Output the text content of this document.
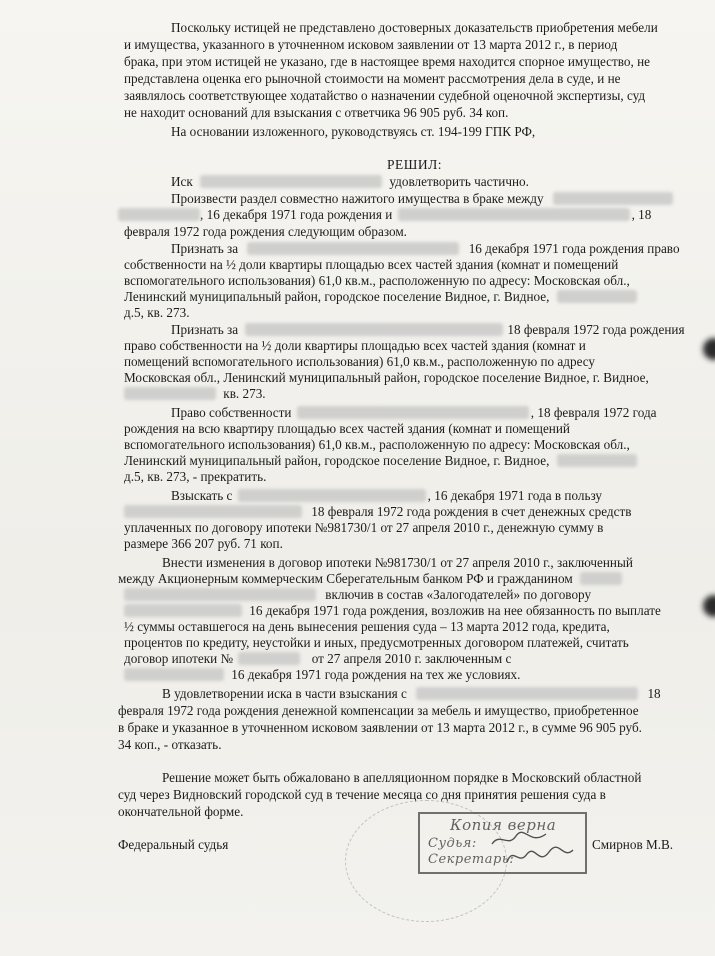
Поскольку истицей не представлено достоверных доказательств приобретения мебели
и имущества, указанного в уточненном исковом заявлении от 13 марта 2012 г., в период
брака, при этом истицей не указано, где в настоящее время находится спорное имущество, не
представлена оценка его рыночной стоимости на момент рассмотрения дела в суде, и не
заявлялось соответствующее ходатайство о назначении судебной оценочной экспертизы, суд
не находит оснований для взыскания с ответчика 96 905 руб. 34 коп.
На основании изложенного, руководствуясь ст. 194-199 ГПК РФ,
РЕШИЛ:
Иск	удовлетворить частично.
Произвести раздел совместно нажитого имущества в браке между
, 16 декабря 1971 года рождения и	, 18
февраля 1972 года рождения следующим образом.
Признать за	16 декабря 1971 года рождения право
собственности на ½ доли квартиры площадью всех частей здания (комнат и помещений
вспомогательного использования) 61,0 кв.м., расположенную по адресу: Московская обл.,
Ленинский муниципальный район, городское поселение Видное, г. Видное,
д.5, кв. 273.
Признать за	18 февраля 1972 года рождения
право собственности на ½ доли квартиры площадью всех частей здания (комнат и
помещений вспомогательного использования) 61,0 кв.м., расположенную по адресу
Московская обл., Ленинский муниципальный район, городское поселение Видное, г. Видное,
кв. 273.
Право собственности	, 18 февраля 1972 года
рождения на всю квартиру площадью всех частей здания (комнат и помещений
вспомогательного использования) 61,0 кв.м., расположенную по адресу: Московская обл.,
Ленинский муниципальный район, городское поселение Видное, г. Видное,
д.5, кв. 273, - прекратить.
Взыскать с	, 16 декабря 1971 года в пользу
18 февраля 1972 года рождения в счет денежных средств
уплаченных по договору ипотеки №981730/1 от 27 апреля 2010 г., денежную сумму в
размере 366 207 руб. 71 коп.
Внести изменения в договор ипотеки №981730/1 от 27 апреля 2010 г., заключенный
между Акционерным коммерческим Сберегательным банком РФ и гражданином
включив в состав «Залогодателей» по договору
16 декабря 1971 года рождения, возложив на нее обязанность по выплате
½ суммы оставшегося на день вынесения решения суда – 13 марта 2012 года, кредита,
процентов по кредиту, неустойки и иных, предусмотренных договором платежей, считать
договор ипотеки №	от 27 апреля 2010 г. заключенным с
16 декабря 1971 года рождения на тех же условиях.
В удовлетворении иска в части взыскания с	18
февраля 1972 года рождения денежной компенсации за мебель и имущество, приобретенное
в браке и указанное в уточненном исковом заявлении от 13 марта 2012 г., в сумме 96 905 руб.
34 коп., - отказать.
Решение может быть обжаловано в апелляционном порядке в Московский областной
суд через Видновский городской суд в течение месяца со дня принятия решения суда в
окончательной форме.
Федеральный судья	Смирнов М.В.
Копия верна
Судья:
Секретарь:
